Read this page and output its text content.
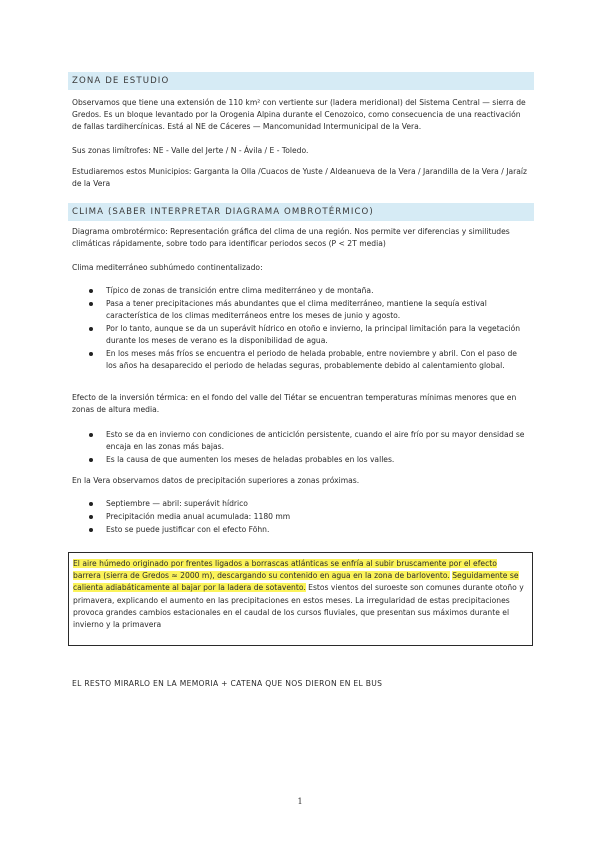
ZONA DE ESTUDIO

Observamos que tiene una extensión de 110 km² con vertiente sur (ladera meridional) del Sistema Central — sierra de Gredos. Es un bloque levantado por la Orogenia Alpina durante el Cenozoico, como consecuencia de una reactivación de fallas tardihercínicas. Está al NE de Cáceres — Mancomunidad Intermunicipal de la Vera.

Sus zonas limítrofes: NE - Valle del Jerte / N - Ávila / E - Toledo.

Estudiaremos estos Municipios: Garganta la Olla /Cuacos de Yuste / Aldeanueva de la Vera / Jarandilla de la Vera / Jaraíz de la Vera

CLIMA (SABER INTERPRETAR DIAGRAMA OMBROTÉRMICO)

Diagrama ombrotérmico: Representación gráfica del clima de una región. Nos permite ver diferencias y similitudes climáticas rápidamente, sobre todo para identificar periodos secos (P < 2T media)

Clima mediterráneo subhúmedo continentalizado:

Típico de zonas de transición entre clima mediterráneo y de montaña.
Pasa a tener precipitaciones más abundantes que el clima mediterráneo, mantiene la sequía estival característica de los climas mediterráneos entre los meses de junio y agosto.
Por lo tanto, aunque se da un superávit hídrico en otoño e invierno, la principal limitación para la vegetación durante los meses de verano es la disponibilidad de agua.
En los meses más fríos se encuentra el periodo de helada probable, entre noviembre y abril. Con el paso de los años ha desaparecido el periodo de heladas seguras, probablemente debido al calentamiento global.

Efecto de la inversión térmica: en el fondo del valle del Tiétar se encuentran temperaturas mínimas menores que en zonas de altura media.

Esto se da en invierno con condiciones de anticiclón persistente, cuando el aire frío por su mayor densidad se encaja en las zonas más bajas.
Es la causa de que aumenten los meses de heladas probables en los valles.

En la Vera observamos datos de precipitación superiores a zonas próximas.

Septiembre — abril: superávit hídrico
Precipitación media anual acumulada: 1180 mm
Esto se puede justificar con el efecto Föhn.

El aire húmedo originado por frentes ligados a borrascas atlánticas se enfría al subir bruscamente por el efecto barrera (sierra de Gredos ≈ 2000 m), descargando su contenido en agua en la zona de barlovento. Seguidamente se calienta adiabáticamente al bajar por la ladera de sotavento. Estos vientos del suroeste son comunes durante otoño y primavera, explicando el aumento en las precipitaciones en estos meses. La irregularidad de estas precipitaciones provoca grandes cambios estacionales en el caudal de los cursos fluviales, que presentan sus máximos durante el invierno y la primavera

EL RESTO MIRARLO EN LA MEMORIA + CATENA QUE NOS DIERON EN EL BUS
1
